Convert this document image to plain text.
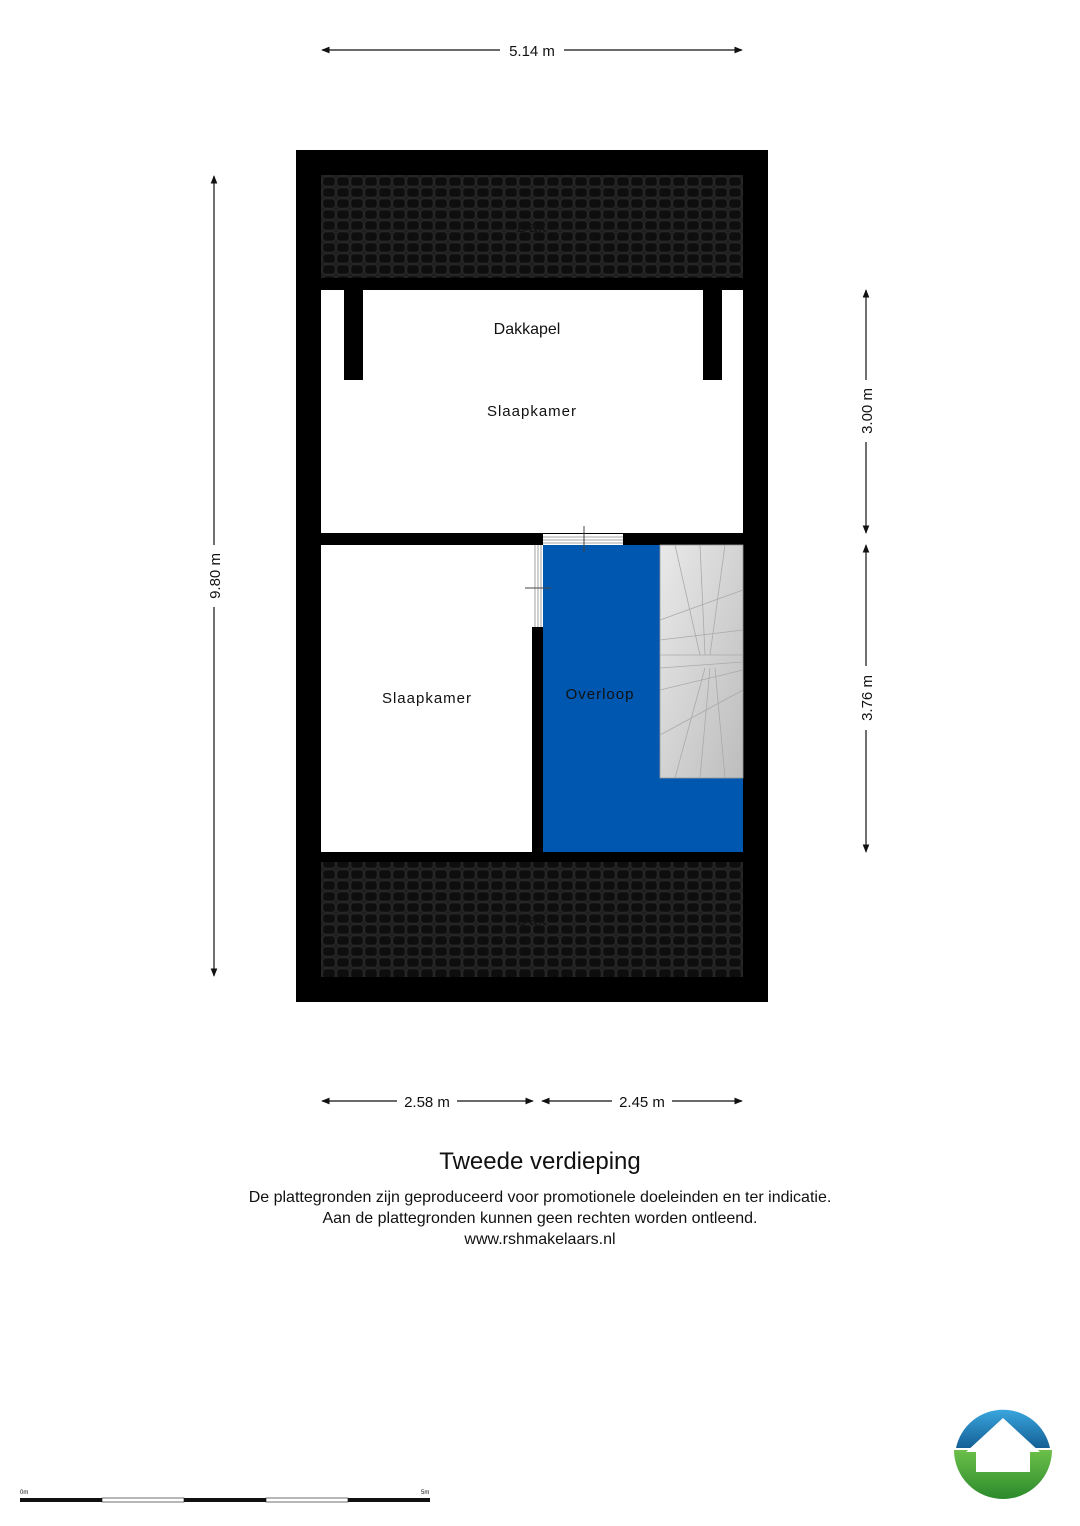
Dak
Dakkapel
Slaapkamer
Slaapkamer	Overloop
Dak
5.14 m
9.80 m
3.00 m
3.76 m
2.58 m	2.45 m
0m	5m
Tweede verdieping
De plattegronden zijn geproduceerd voor promotionele doeleinden en ter indicatie.
Aan de plattegronden kunnen geen rechten worden ontleend.
www.rshmakelaars.nl
